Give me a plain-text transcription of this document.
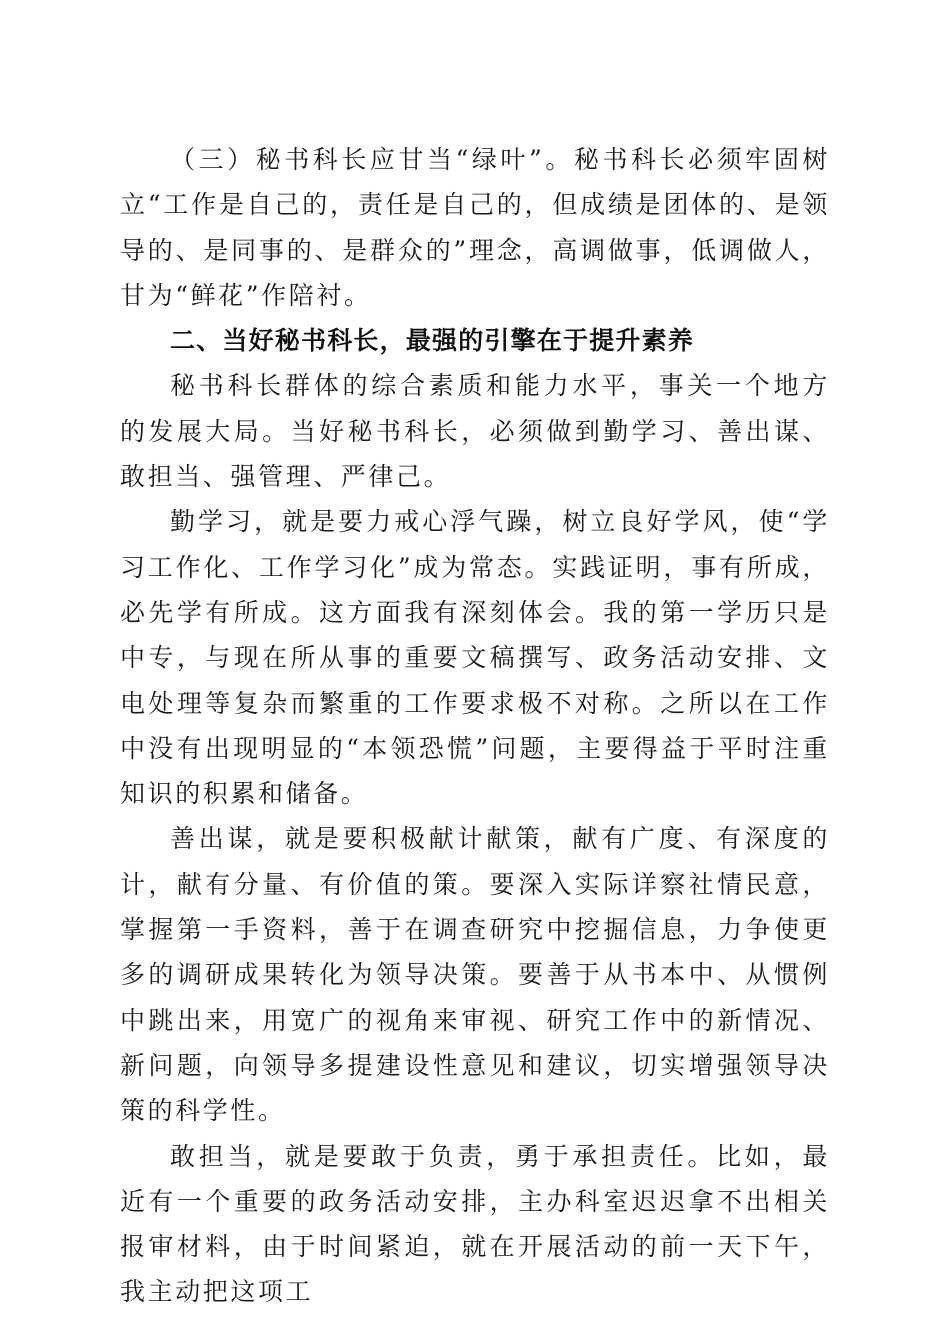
（三）秘书科长应甘当“绿叶”。秘书科长必须牢固树立“工作是自己的，责任是自己的，但成绩是团体的、是领导的、是同事的、是群众的”理念，高调做事，低调做人，甘为“鲜花”作陪衬。

二、当好秘书科长，最强的引擎在于提升素养

秘书科长群体的综合素质和能力水平，事关一个地方的发展大局。当好秘书科长，必须做到勤学习、善出谋、敢担当、强管理、严律己。

勤学习，就是要力戒心浮气躁，树立良好学风，使“学习工作化、工作学习化”成为常态。实践证明，事有所成，必先学有所成。这方面我有深刻体会。我的第一学历只是中专，与现在所从事的重要文稿撰写、政务活动安排、文电处理等复杂而繁重的工作要求极不对称。之所以在工作中没有出现明显的“本领恐慌”问题，主要得益于平时注重知识的积累和储备。

善出谋，就是要积极献计献策，献有广度、有深度的计，献有分量、有价值的策。要深入实际详察社情民意，掌握第一手资料，善于在调查研究中挖掘信息，力争使更多的调研成果转化为领导决策。要善于从书本中、从惯例中跳出来，用宽广的视角来审视、研究工作中的新情况、新问题，向领导多提建设性意见和建议，切实增强领导决策的科学性。

敢担当，就是要敢于负责，勇于承担责任。比如，最近有一个重要的政务活动安排，主办科室迟迟拿不出相关报审材料，由于时间紧迫，就在开展活动的前一天下午，我主动把这项工
